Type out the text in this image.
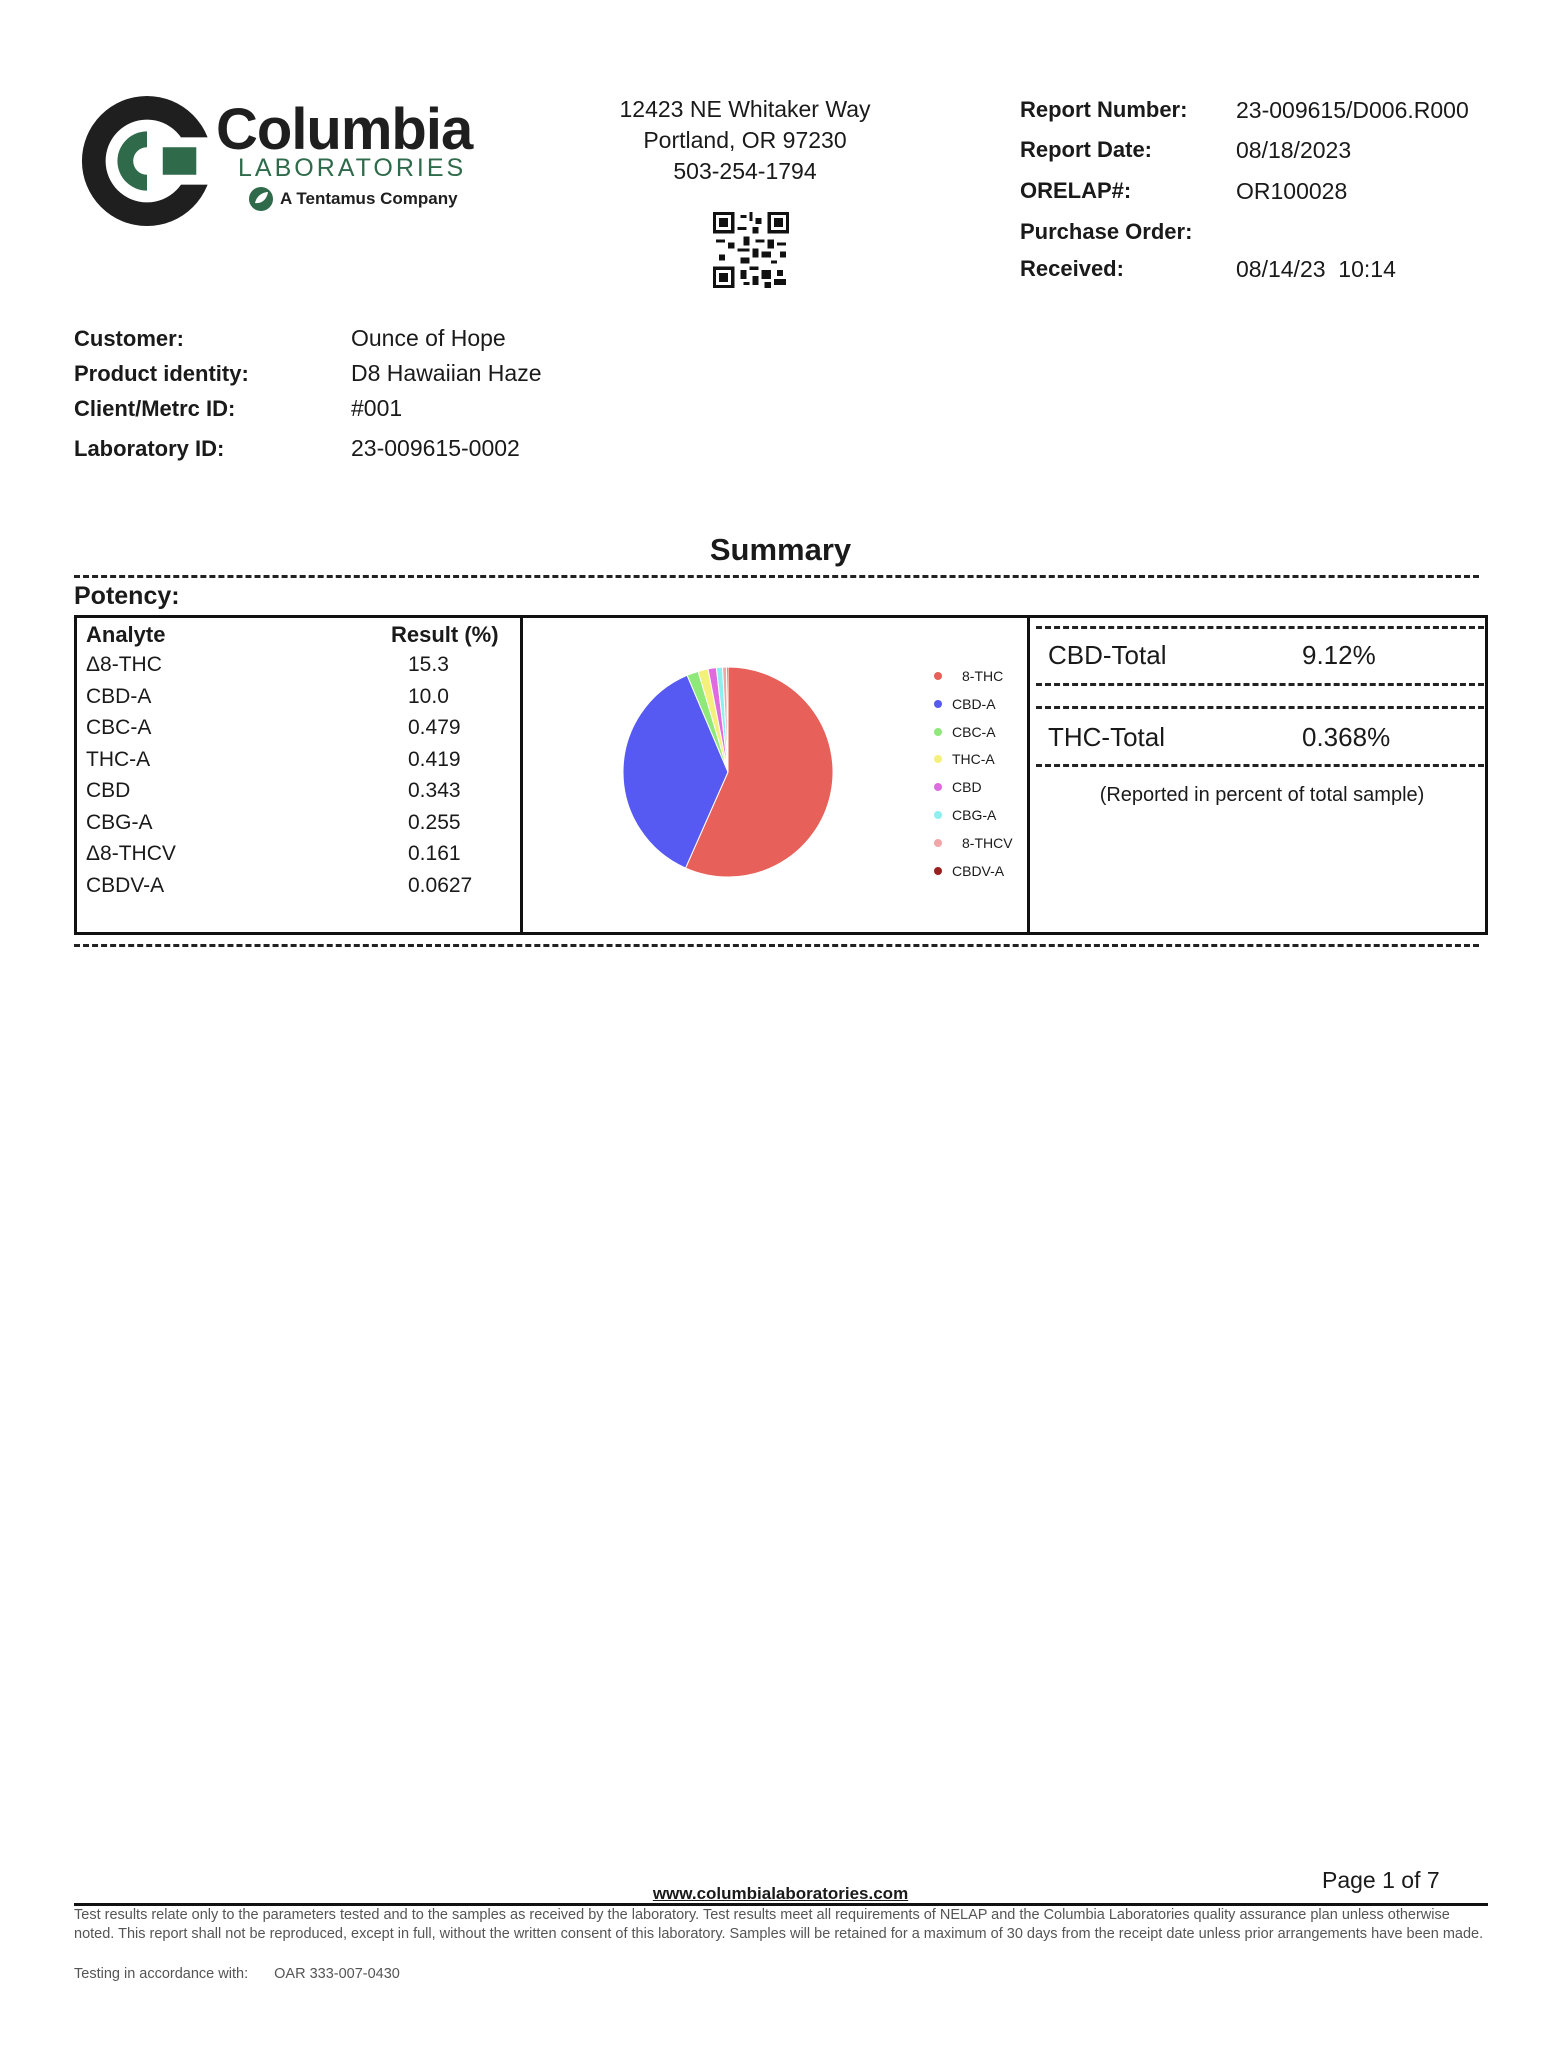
Columbia
LABORATORIES
A Tentamus Company
12423 NE Whitaker Way
Portland, OR 97230
503-254-1794
Report Number: 23-009615/D006.R000
Report Date:	08/18/2023
ORELAP#:	OR100028
Purchase Order:
Received:	08/14/23  10:14
Customer:	Ounce of Hope
Product identity:	D8 Hawaiian Haze
Client/Metrc ID:	#001
Laboratory ID:	23-009615-0002
Summary
Potency:
Analyte	Result (%)
Δ8-THC	15.3
CBD-A	10.0
CBC-A	0.479
THC-A	0.419
CBD	0.343
CBG-A	0.255
Δ8-THCV	0.161
CBDV-A	0.0627
8-THC
CBD-A
CBC-A
THC-A
CBD
CBG-A
8-THCV
CBDV-A
CBD-Total	9.12%
THC-Total	0.368%
(Reported in percent of total sample)
Page 1 of 7
www.columbialaboratories.com
Test results relate only to the parameters tested and to the samples as received by the laboratory. Test results meet all requirements of NELAP and the Columbia Laboratories quality assurance plan unless otherwise noted. This report shall not be reproduced, except in full, without the written consent of this laboratory. Samples will be retained for a maximum of 30 days from the receipt date unless prior arrangements have been made.
Testing in accordance with: OAR 333-007-0430
